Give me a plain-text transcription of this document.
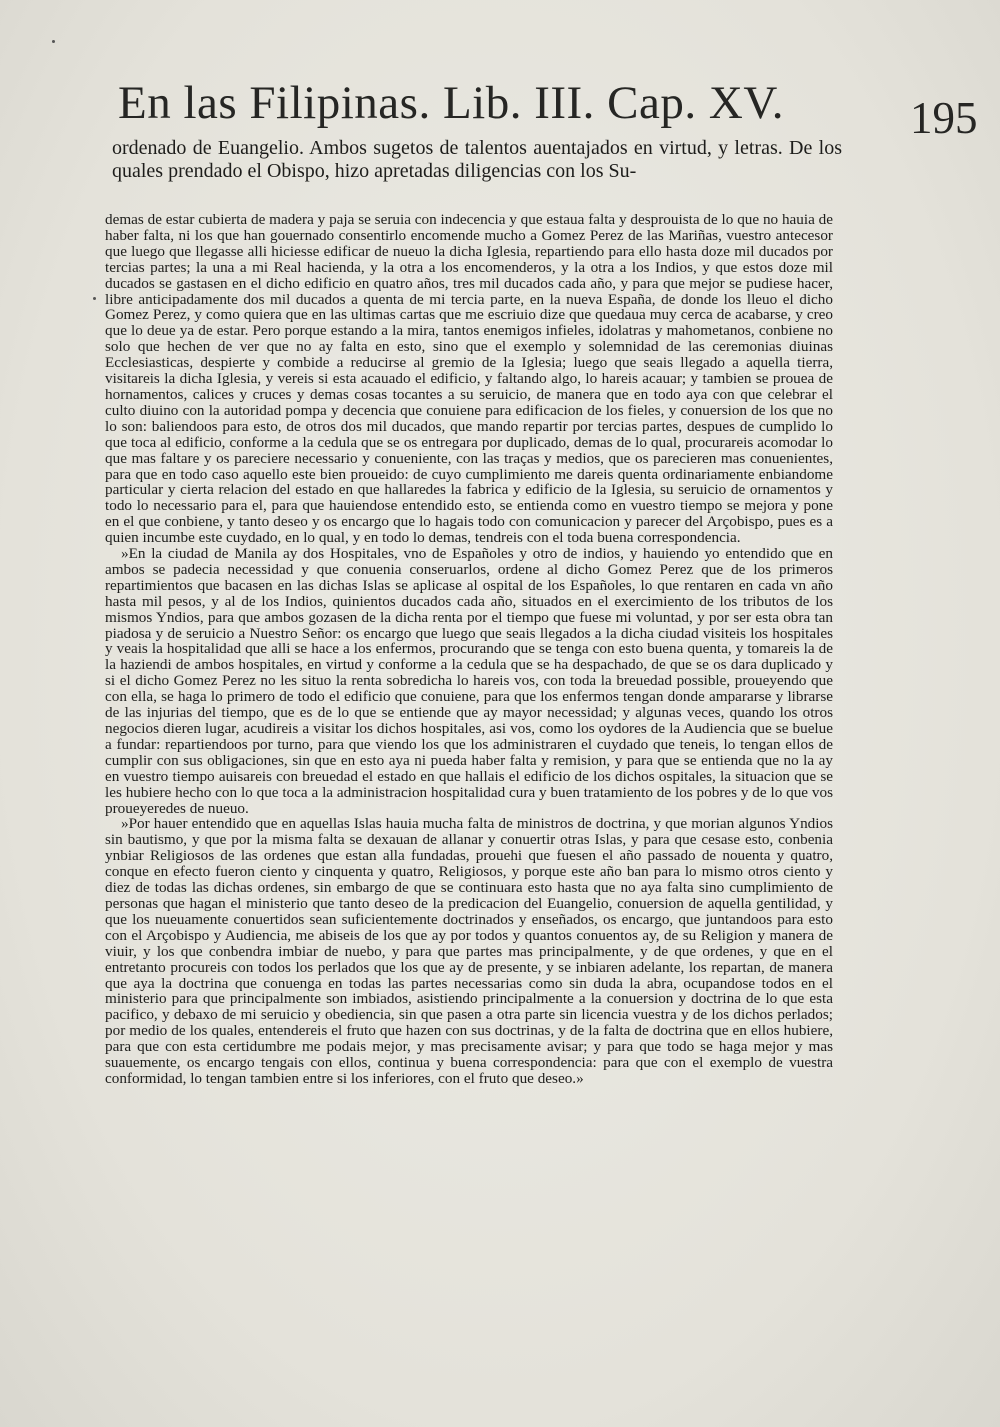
En las Filipinas. Lib. III. Cap. XV.	195

ordenado de Euangelio. Ambos sugetos de talentos auentajados en virtud, y letras. De los quales prendado el Obispo, hizo apretadas diligencias con los Su-

demas de estar cubierta de madera y paja se seruia con indecencia y que estaua falta y desprouista de lo que no hauia de haber falta, ni los que han gouernado consentirlo encomende mucho a Gomez Perez de las Mariñas, vuestro antecesor que luego que llegasse alli hiciesse edificar de nueuo la dicha Iglesia, repartiendo para ello hasta doze mil ducados por tercias partes; la una a mi Real hacienda, y la otra a los encomenderos, y la otra a los Indios, y que estos doze mil ducados se gastasen en el dicho edificio en quatro años, tres mil ducados cada año, y para que mejor se pudiese hacer, libre anticipadamente dos mil ducados a quenta de mi tercia parte, en la nueva España, de donde los lleuo el dicho Gomez Perez, y como quiera que en las ultimas cartas que me escriuio dize que quedaua muy cerca de acabarse, y creo que lo deue ya de estar. Pero porque estando a la mira, tantos enemigos infieles, idolatras y mahometanos, conbiene no solo que hechen de ver que no ay falta en esto, sino que el exemplo y solemnidad de las ceremonias diuinas Ecclesiasticas, despierte y combide a reducirse al gremio de la Iglesia; luego que seais llegado a aquella tierra, visitareis la dicha Iglesia, y vereis si esta acauado el edificio, y faltando algo, lo hareis acauar; y tambien se prouea de hornamentos, calices y cruces y demas cosas tocantes a su seruicio, de manera que en todo aya con que celebrar el culto diuino con la autoridad pompa y decencia que conuiene para edificacion de los fieles, y conuersion de los que no lo son: baliendoos para esto, de otros dos mil ducados, que mando repartir por tercias partes, despues de cumplido lo que toca al edificio, conforme a la cedula que se os entregara por duplicado, demas de lo qual, procurareis acomodar lo que mas faltare y os pareciere necessario y conueniente, con las traças y medios, que os parecieren mas conuenientes, para que en todo caso aquello este bien proueido: de cuyo cumplimiento me dareis quenta ordinariamente enbiandome particular y cierta relacion del estado en que hallaredes la fabrica y edificio de la Iglesia, su seruicio de ornamentos y todo lo necessario para el, para que hauiendose entendido esto, se entienda como en vuestro tiempo se mejora y pone en el que conbiene, y tanto deseo y os encargo que lo hagais todo con comunicacion y parecer del Arçobispo, pues es a quien incumbe este cuydado, en lo qual, y en todo lo demas, tendreis con el toda buena correspondencia.

»En la ciudad de Manila ay dos Hospitales, vno de Españoles y otro de indios, y hauiendo yo entendido que en ambos se padecia necessidad y que conuenia conseruarlos, ordene al dicho Gomez Perez que de los primeros repartimientos que bacasen en las dichas Islas se aplicase al ospital de los Españoles, lo que rentaren en cada vn año hasta mil pesos, y al de los Indios, quinientos ducados cada año, situados en el exercimiento de los tributos de los mismos Yndios, para que ambos gozasen de la dicha renta por el tiempo que fuese mi voluntad, y por ser esta obra tan piadosa y de seruicio a Nuestro Señor: os encargo que luego que seais llegados a la dicha ciudad visiteis los hospitales y veais la hospitalidad que alli se hace a los enfermos, procurando que se tenga con esto buena quenta, y tomareis la de la haziendi de ambos hospitales, en virtud y conforme a la cedula que se ha despachado, de que se os dara duplicado y si el dicho Gomez Perez no les situo la renta sobredicha lo hareis vos, con toda la breuedad possible, proueyendo que con ella, se haga lo primero de todo el edificio que conuiene, para que los enfermos tengan donde ampararse y librarse de las injurias del tiempo, que es de lo que se entiende que ay mayor necessidad; y algunas veces, quando los otros negocios dieren lugar, acudireis a visitar los dichos hospitales, asi vos, como los oydores de la Audiencia que se buelue a fundar: repartiendoos por turno, para que viendo los que los administraren el cuydado que teneis, lo tengan ellos de cumplir con sus obligaciones, sin que en esto aya ni pueda haber falta y remision, y para que se entienda que no la ay en vuestro tiempo auisareis con breuedad el estado en que hallais el edificio de los dichos ospitales, la situacion que se les hubiere hecho con lo que toca a la administracion hospitalidad cura y buen tratamiento de los pobres y de lo que vos proueyeredes de nueuo.

»Por hauer entendido que en aquellas Islas hauia mucha falta de ministros de doctrina, y que morian algunos Yndios sin bautismo, y que por la misma falta se dexauan de allanar y conuertir otras Islas, y para que cesase esto, conbenia ynbiar Religiosos de las ordenes que estan alla fundadas, prouehi que fuesen el año passado de nouenta y quatro, conque en efecto fueron ciento y cinquenta y quatro, Religiosos, y porque este año ban para lo mismo otros ciento y diez de todas las dichas ordenes, sin embargo de que se continuara esto hasta que no aya falta sino cumplimiento de personas que hagan el ministerio que tanto deseo de la predicacion del Euangelio, conuersion de aquella gentilidad, y que los nueuamente conuertidos sean suficientemente doctrinados y enseñados, os encargo, que juntandoos para esto con el Arçobispo y Audiencia, me abiseis de los que ay por todos y quantos conuentos ay, de su Religion y manera de viuir, y los que conbendra imbiar de nuebo, y para que partes mas principalmente, y de que ordenes, y que en el entretanto procureis con todos los perlados que los que ay de presente, y se inbiaren adelante, los repartan, de manera que aya la doctrina que conuenga en todas las partes necessarias como sin duda la abra, ocupandose todos en el ministerio para que principalmente son imbiados, asistiendo principalmente a la conuersion y doctrina de lo que esta pacifico, y debaxo de mi seruicio y obediencia, sin que pasen a otra parte sin licencia vuestra y de los dichos perlados; por medio de los quales, entendereis el fruto que hazen con sus doctrinas, y de la falta de doctrina que en ellos hubiere, para que con esta certidumbre me podais mejor, y mas precisamente avisar; y para que todo se haga mejor y mas suauemente, os encargo tengais con ellos, continua y buena correspondencia: para que con el exemplo de vuestra conformidad, lo tengan tambien entre si los inferiores, con el fruto que deseo.»
